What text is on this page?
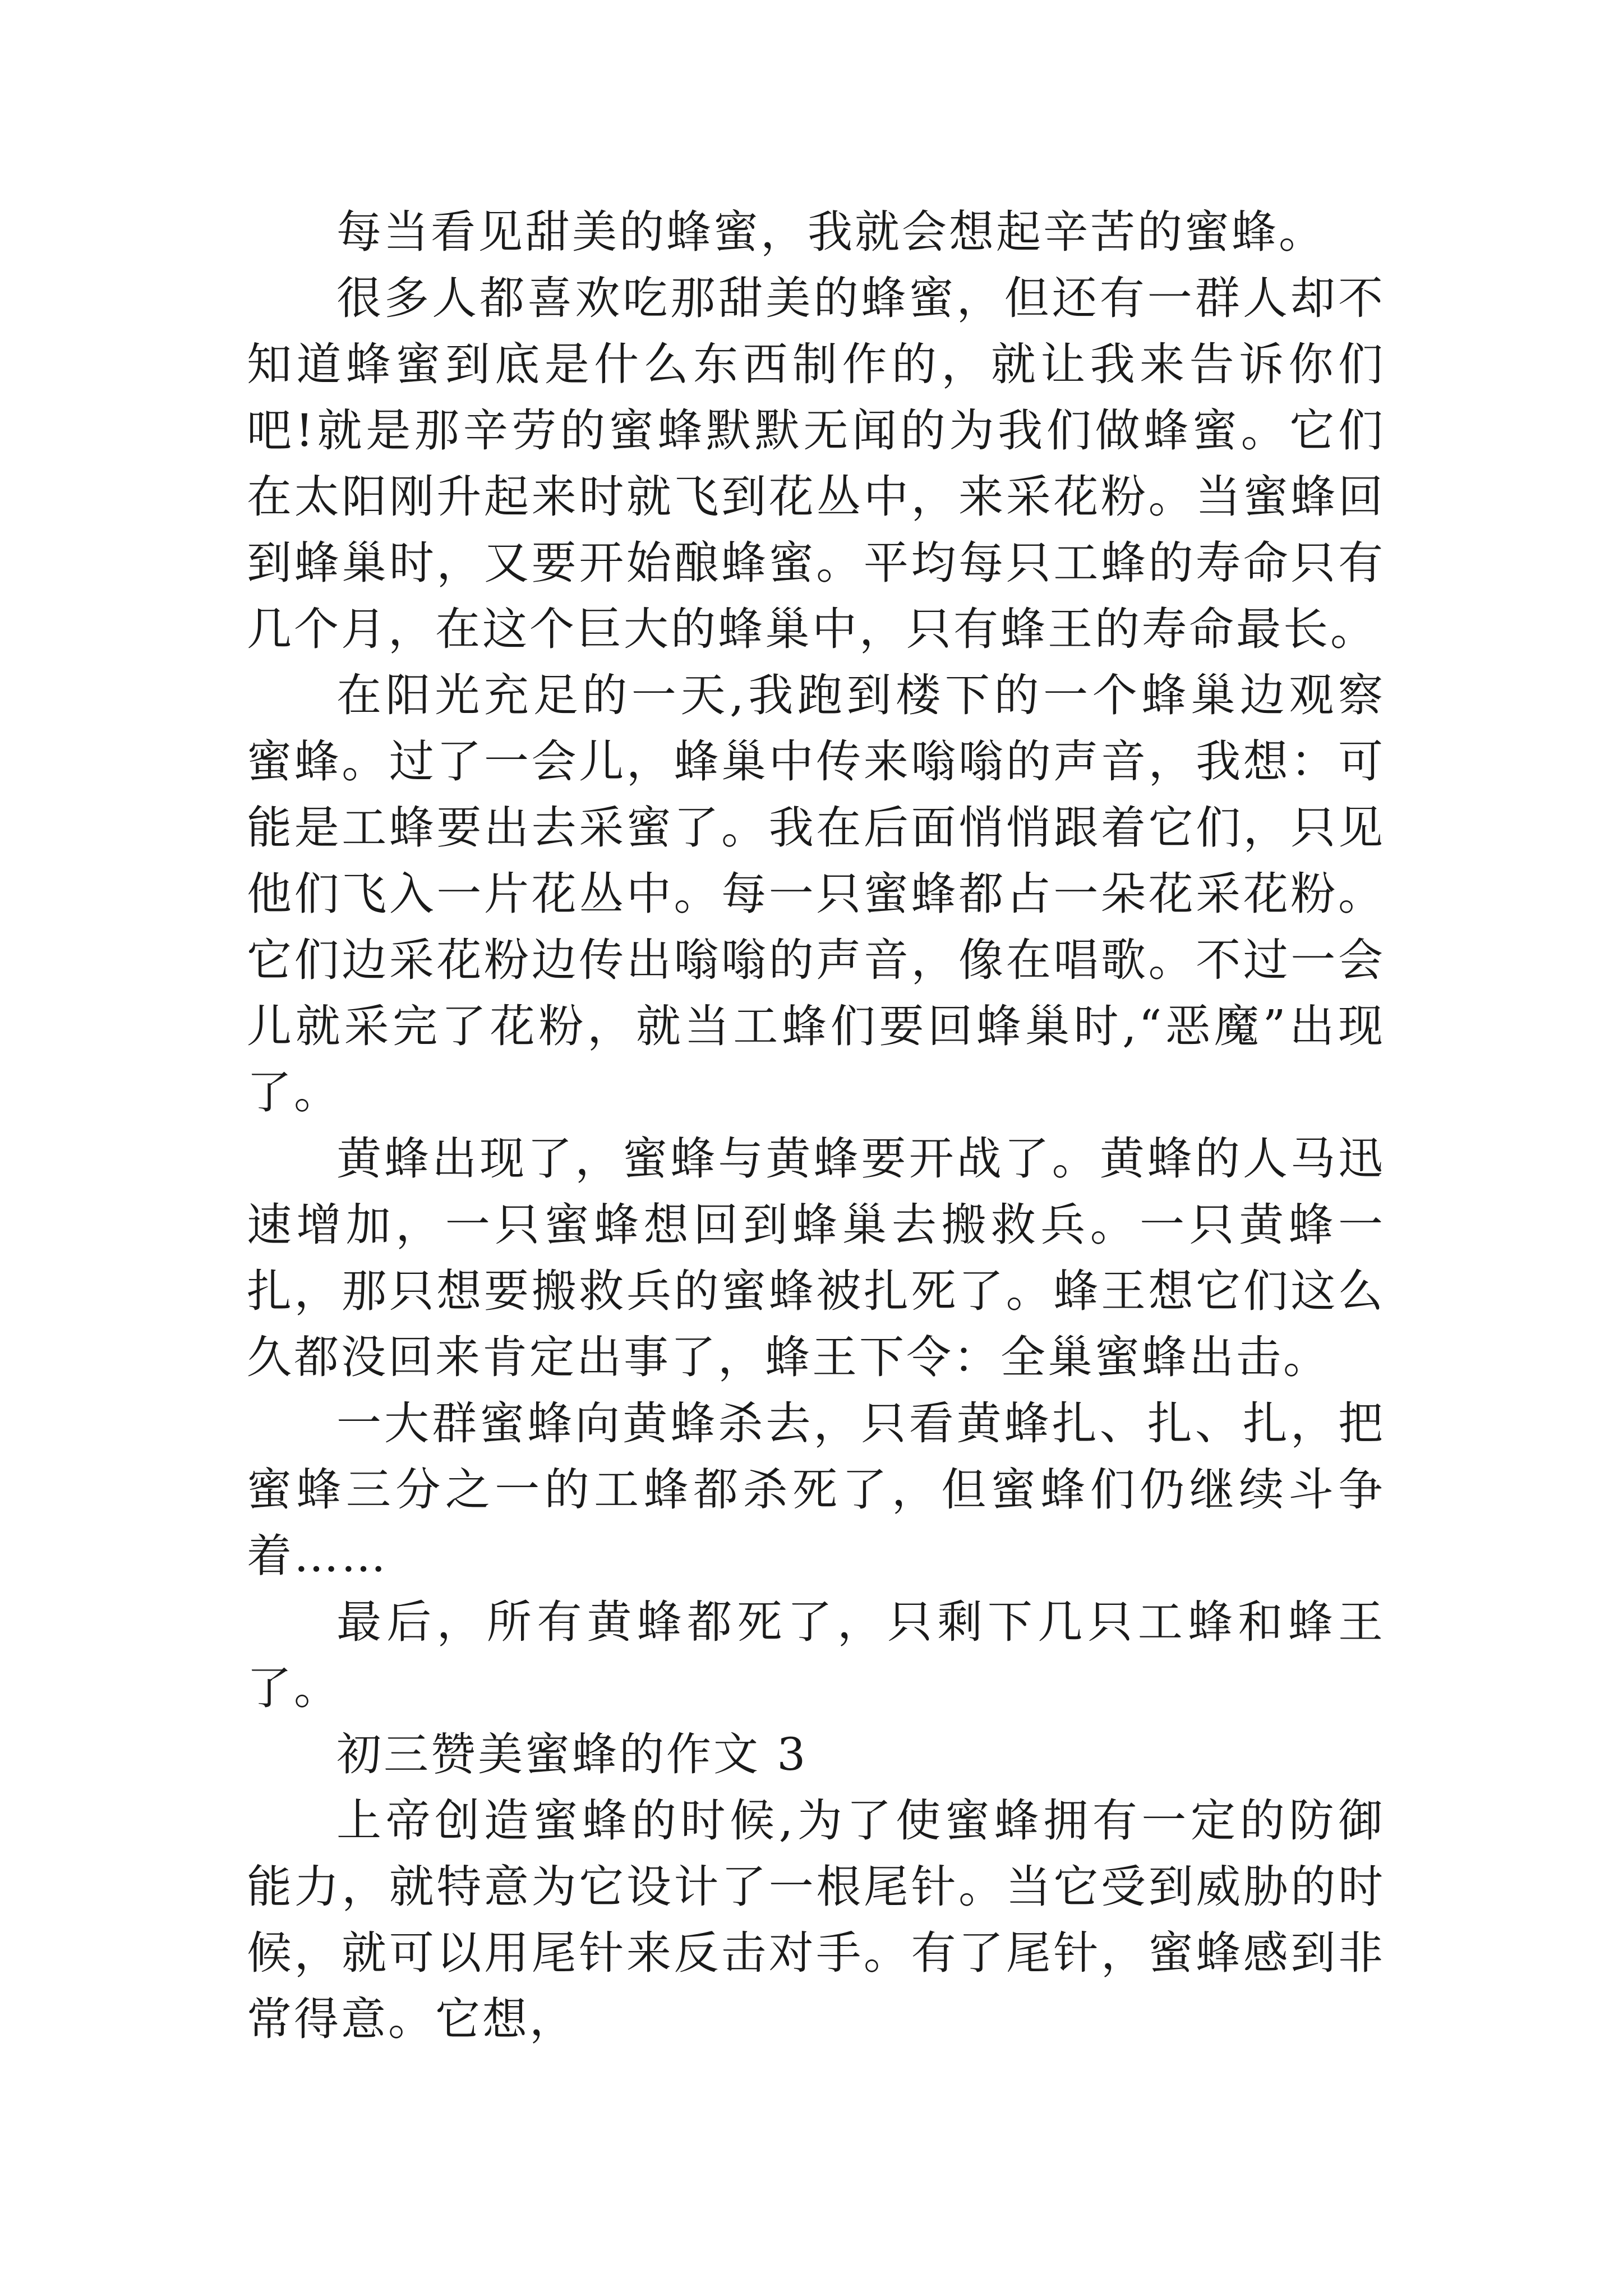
每当看见甜美的蜂蜜，我就会想起辛苦的蜜蜂。

很多人都喜欢吃那甜美的蜂蜜，但还有一群人却不知道蜂蜜到底是什么东西制作的，就让我来告诉你们吧!就是那辛劳的蜜蜂默默无闻的为我们做蜂蜜。它们在太阳刚升起来时就飞到花丛中，来采花粉。当蜜蜂回到蜂巢时，又要开始酿蜂蜜。平均每只工蜂的寿命只有几个月，在这个巨大的蜂巢中，只有蜂王的寿命最长。

在阳光充足的一天,我跑到楼下的一个蜂巢边观察蜜蜂。过了一会儿，蜂巢中传来嗡嗡的声音，我想：可能是工蜂要出去采蜜了。我在后面悄悄跟着它们，只见他们飞入一片花丛中。每一只蜜蜂都占一朵花采花粉。它们边采花粉边传出嗡嗡的声音，像在唱歌。不过一会儿就采完了花粉，就当工蜂们要回蜂巢时,“恶魔”出现了。

黄蜂出现了，蜜蜂与黄蜂要开战了。黄蜂的人马迅速增加，一只蜜蜂想回到蜂巢去搬救兵。一只黄蜂一扎，那只想要搬救兵的蜜蜂被扎死了。蜂王想它们这么久都没回来肯定出事了，蜂王下令：全巢蜜蜂出击。

一大群蜜蜂向黄蜂杀去，只看黄蜂扎、扎、扎，把蜜蜂三分之一的工蜂都杀死了，但蜜蜂们仍继续斗争着……

最后，所有黄蜂都死了，只剩下几只工蜂和蜂王了。

初三赞美蜜蜂的作文 3

上帝创造蜜蜂的时候,为了使蜜蜂拥有一定的防御能力，就特意为它设计了一根尾针。当它受到威胁的时候，就可以用尾针来反击对手。有了尾针，蜜蜂感到非常得意。它想，
